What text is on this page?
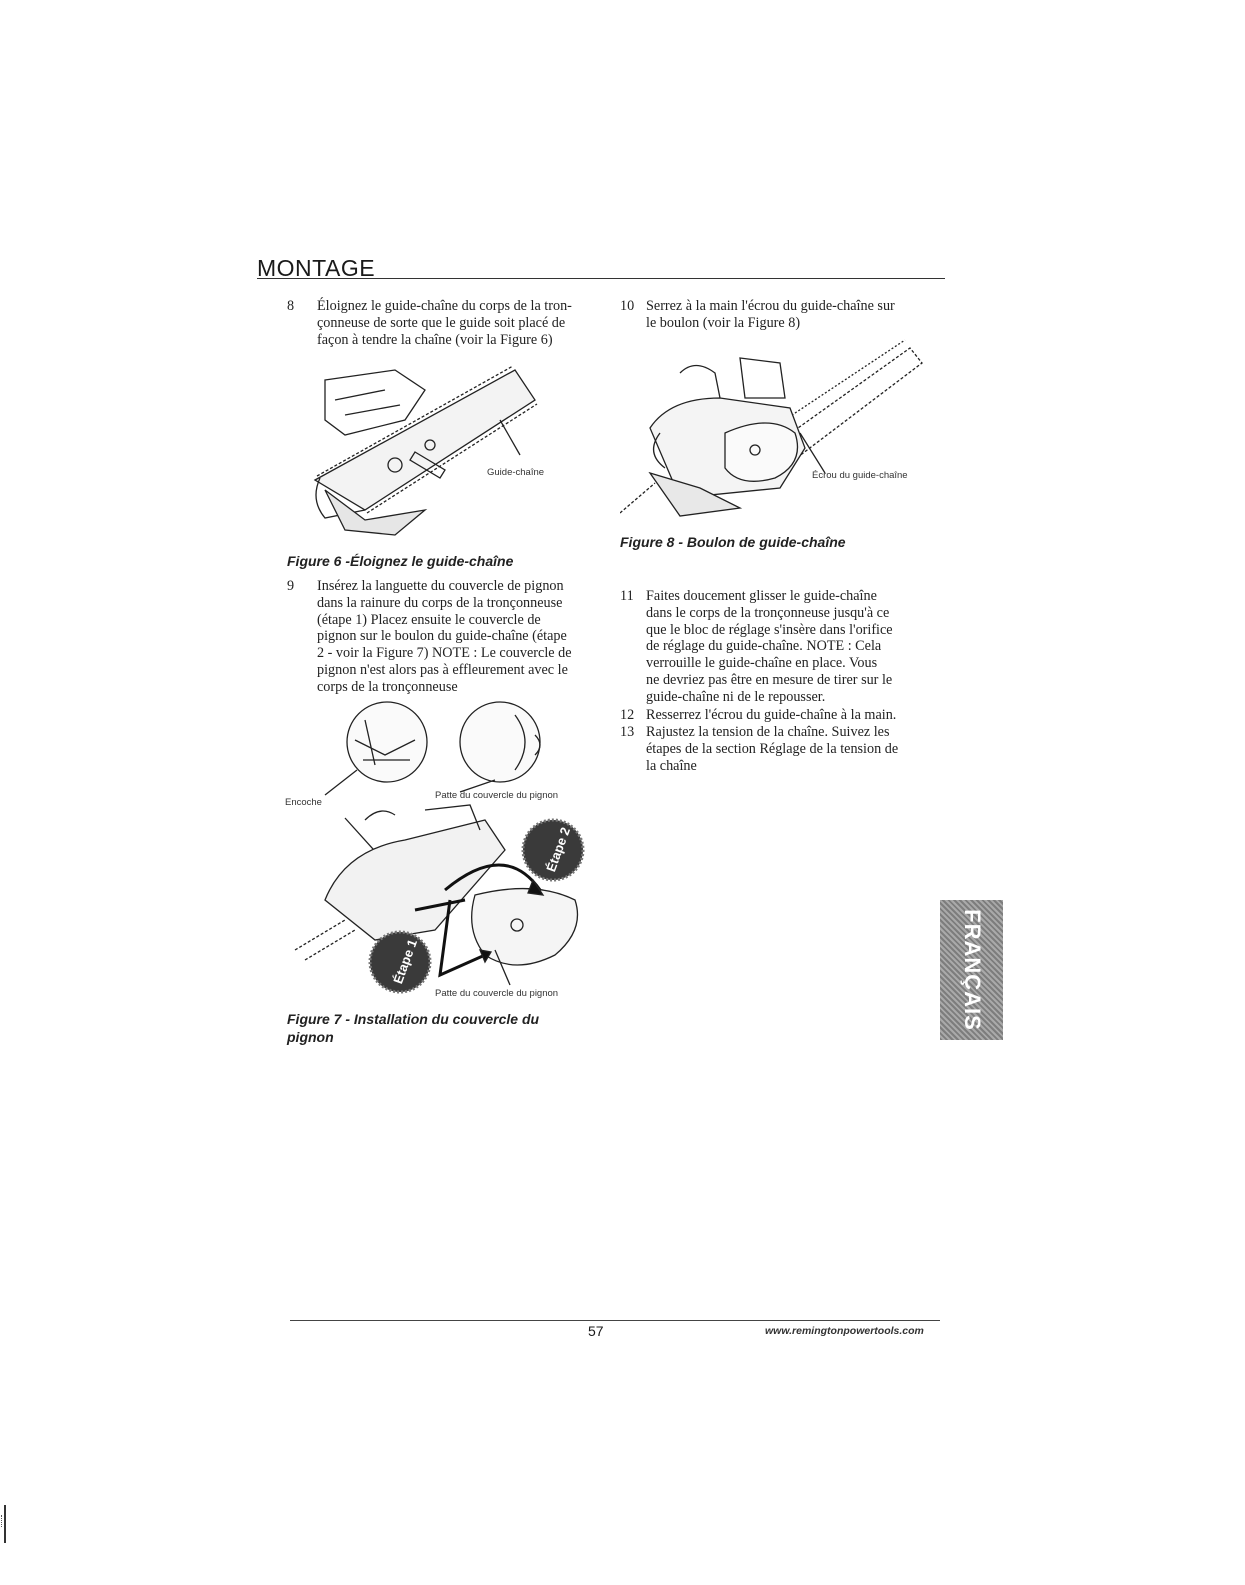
MONTAGE
8 Éloignez le guide-chaîne du corps de la tron-
çonneuse de sorte que le guide soit placé de
façon à tendre la chaîne (voir la Figure 6)
Guide-chaîne
Figure 6 -Éloignez le guide-chaîne
9 Insérez la languette du couvercle de pignon
dans la rainure du corps de la tronçonneuse
(étape 1) Placez ensuite le couvercle de
pignon sur le boulon du guide-chaîne (étape
2 - voir la Figure 7) NOTE : Le couvercle de
pignon n'est alors pas à effleurement avec le
corps de la tronçonneuse
Étape 2
Étape 1
Encoche
Patte du couvercle du pignon
Patte du couvercle du pignon
Figure 7 - Installation du couvercle du
pignon
10 Serrez à la main l'écrou du guide-chaîne sur
le boulon (voir la Figure 8)
Écrou du guide-chaîne
Figure 8 - Boulon de guide-chaîne
11 Faites doucement glisser le guide-chaîne
dans le corps de la tronçonneuse jusqu'à ce
que le bloc de réglage s'insère dans l'orifice
de réglage du guide-chaîne. NOTE : Cela
verrouille le guide-chaîne en place. Vous
ne devriez pas être en mesure de tirer sur le
guide-chaîne ni de le repousser.
12 Resserrez l'écrou du guide-chaîne à la main.
13 Rajustez la tension de la chaîne. Suivez les
étapes de la section Réglage de la tension de
la chaîne
FRANÇAIS
57	www.remingtonpowertools.com
